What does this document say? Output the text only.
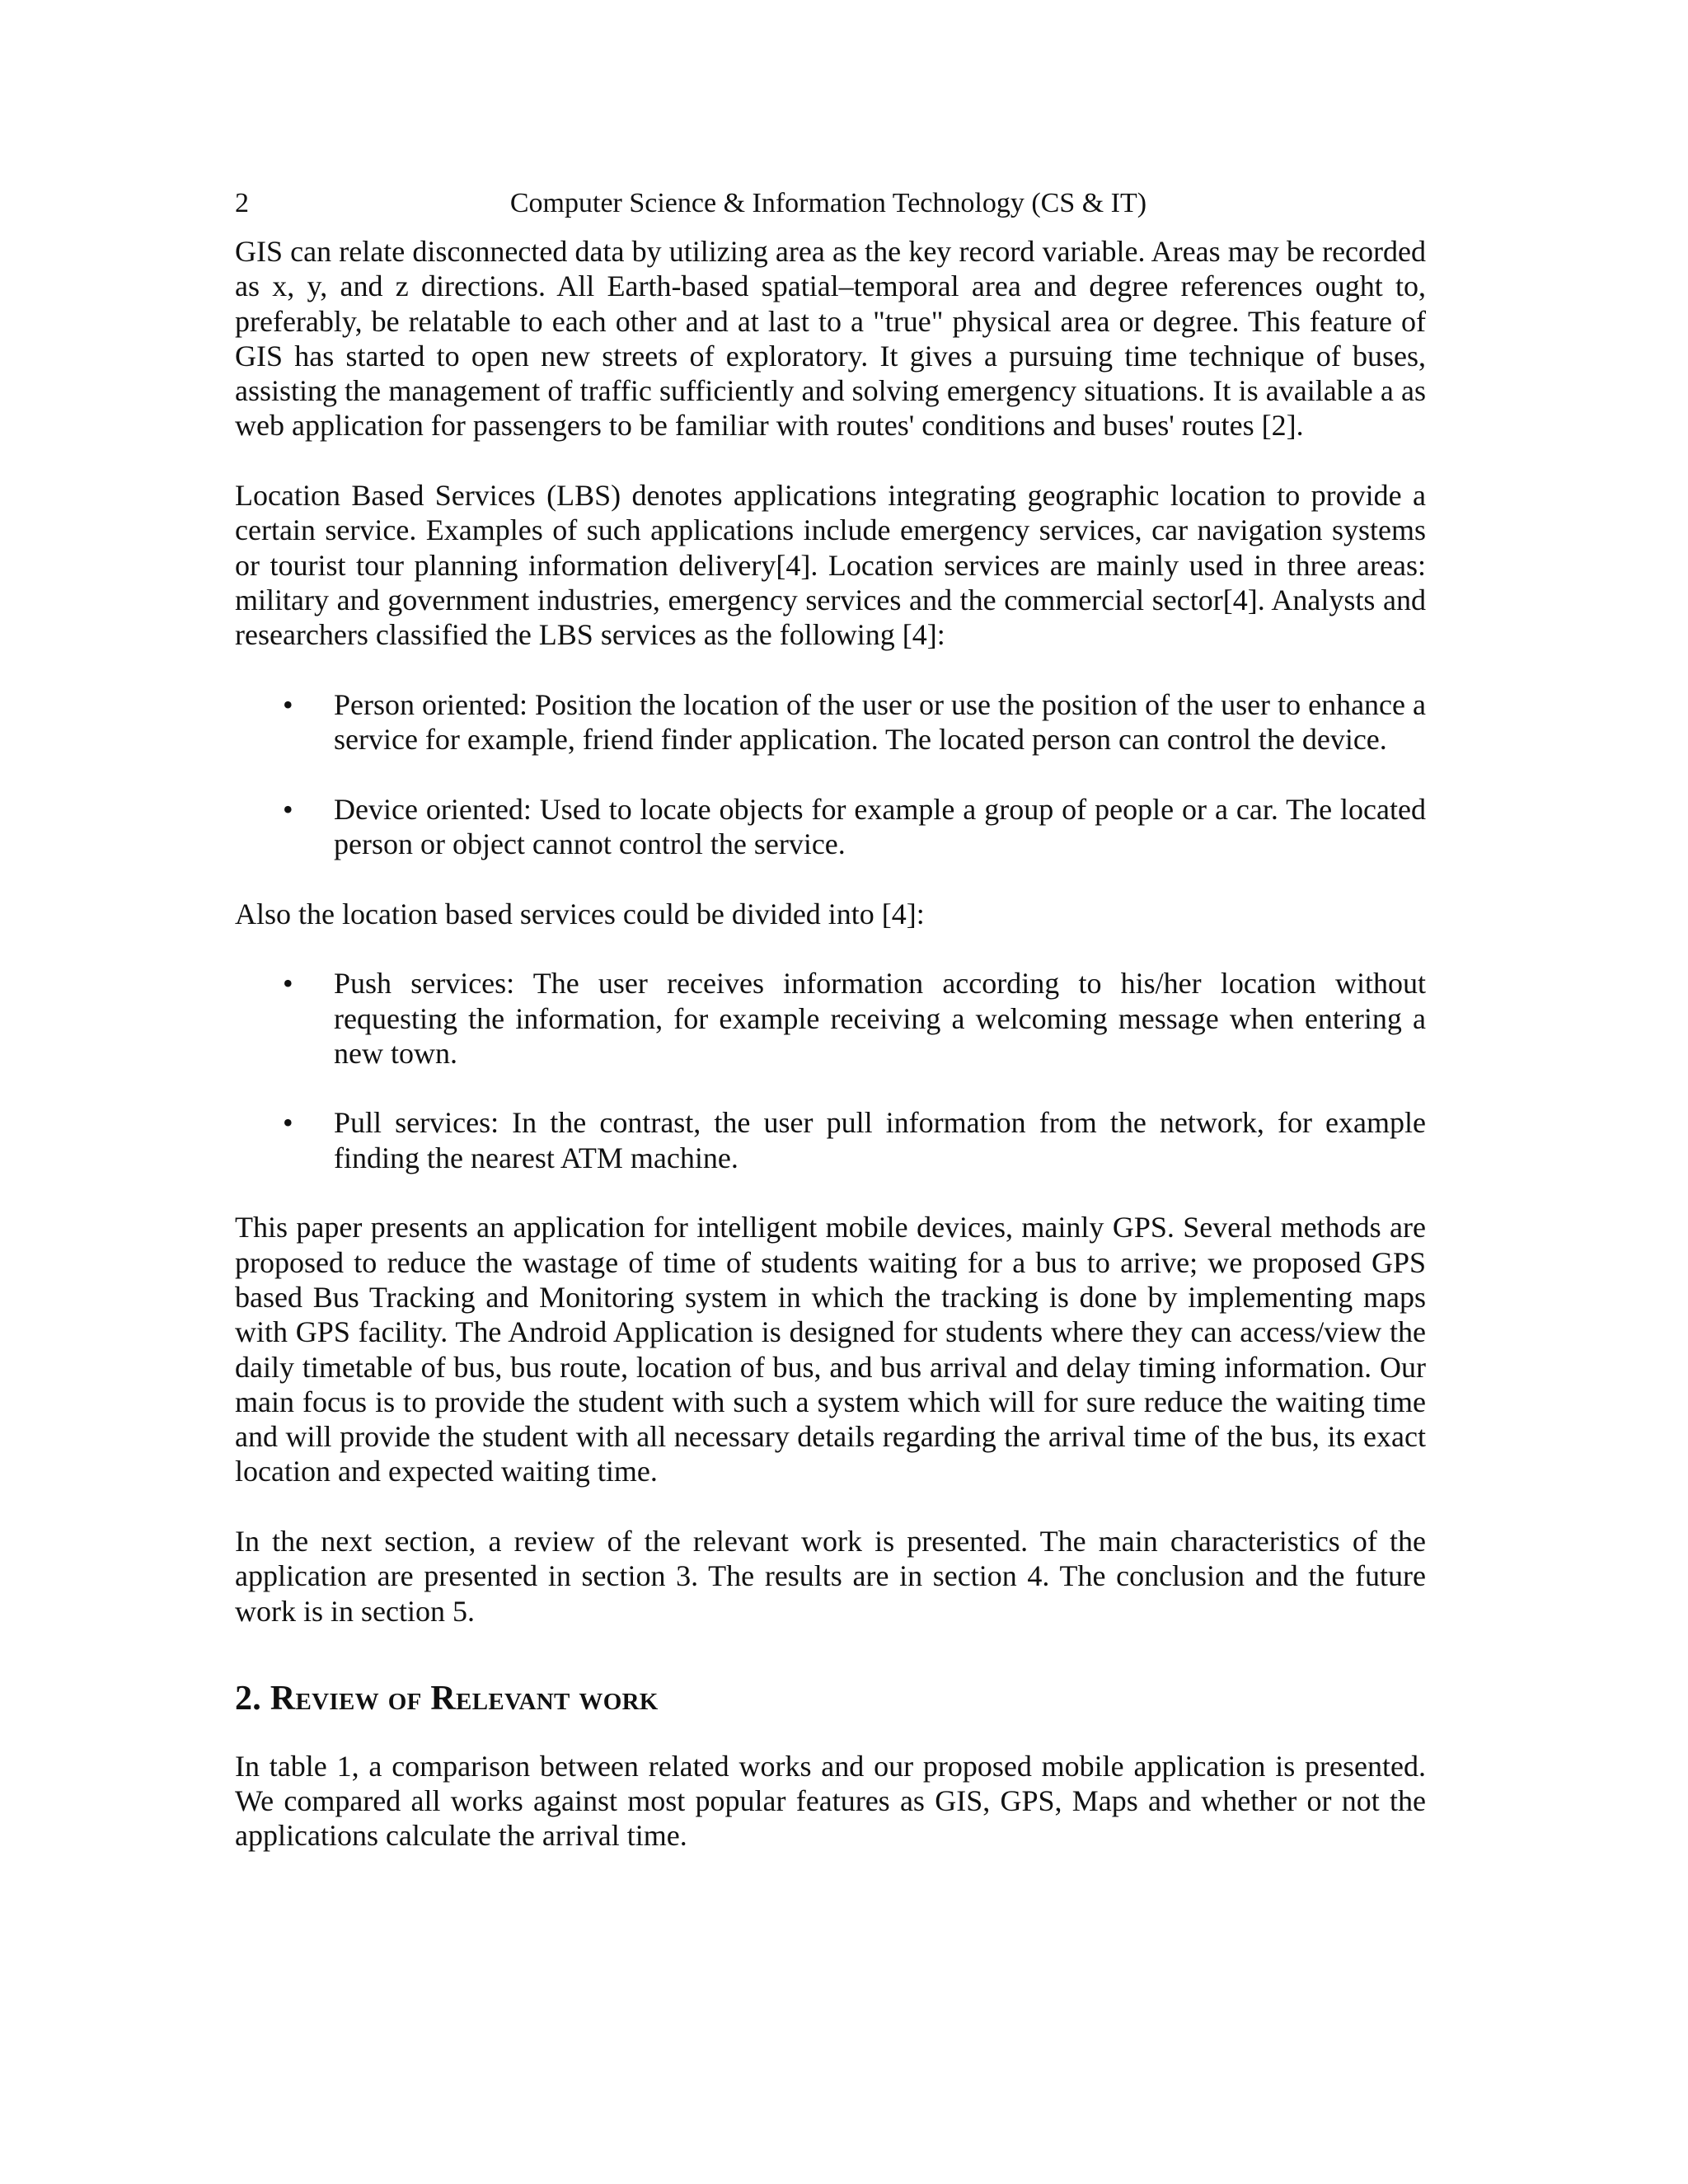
2	Computer Science & Information Technology (CS & IT)

GIS can relate disconnected data by utilizing area as the key record variable. Areas may be recorded as x, y, and z directions. All Earth-based spatial–temporal area and degree references ought to, preferably, be relatable to each other and at last to a "true" physical area or degree. This feature of GIS has started to open new streets of exploratory. It gives a pursuing time technique of buses, assisting the management of traffic sufficiently and solving emergency situations. It is available a as web application for passengers to be familiar with routes' conditions and buses' routes [2].

Location Based Services (LBS) denotes applications integrating geographic location to provide a certain service. Examples of such applications include emergency services, car navigation systems or tourist tour planning information delivery[4]. Location services are mainly used in three areas: military and government industries, emergency services and the commercial sector[4]. Analysts and researchers classified the LBS services as the following [4]:

• Person oriented: Position the location of the user or use the position of the user to enhance a service for example, friend finder application. The located person can control the device.
• Device oriented: Used to locate objects for example a group of people or a car. The located person or object cannot control the service.

Also the location based services could be divided into [4]:

• Push services: The user receives information according to his/her location without requesting the information, for example receiving a welcoming message when entering a new town.
• Pull services: In the contrast, the user pull information from the network, for example finding the nearest ATM machine.

This paper presents an application for intelligent mobile devices, mainly GPS. Several methods are proposed to reduce the wastage of time of students waiting for a bus to arrive; we proposed GPS based Bus Tracking and Monitoring system in which the tracking is done by implementing maps with GPS facility. The Android Application is designed for students where they can access/view the daily timetable of bus, bus route, location of bus, and bus arrival and delay timing information. Our main focus is to provide the student with such a system which will for sure reduce the waiting time and will provide the student with all necessary details regarding the arrival time of the bus, its exact location and expected waiting time.

In the next section, a review of the relevant work is presented. The main characteristics of the application are presented in section 3. The results are in section 4. The conclusion and the future work is in section 5.

2. Review of Relevant work

In table 1, a comparison between related works and our proposed mobile application is presented. We compared all works against most popular features as GIS, GPS, Maps and whether or not the applications calculate the arrival time.
